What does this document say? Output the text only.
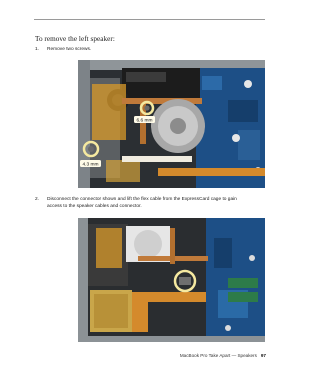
To remove the left speaker:
1. Remove two screws.
6.6 mm
4.3 mm
2. Disconnect the connector shown and lift the flex cable from the ExpressCard cage to gain access to the speaker cables and connector.
MacBook Pro Take Apart — Speakers 97
